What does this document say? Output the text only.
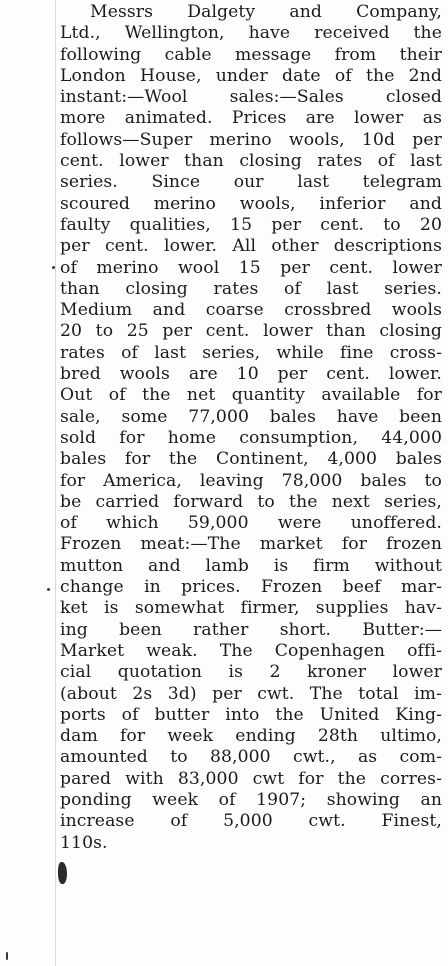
Messrs Dalgety and Company,
Ltd., Wellington, have received the
following cable message from their
London House, under date of the 2nd
instant:—Wool sales:—Sales closed
more animated. Prices are lower as
follows—Super merino wools, 10d per
cent. lower than closing rates of last
series. Since our last telegram
scoured merino wools, inferior and
faulty qualities, 15 per cent. to 20
per cent. lower. All other descriptions
of merino wool 15 per cent. lower
than closing rates of last series.
Medium and coarse crossbred wools
20 to 25 per cent. lower than closing
rates of last series, while fine cross-
bred wools are 10 per cent. lower.
Out of the net quantity available for
sale, some 77,000 bales have been
sold for home consumption, 44,000
bales for the Continent, 4,000 bales
for America, leaving 78,000 bales to
be carried forward to the next series,
of which 59,000 were unoffered.
Frozen meat:—The market for frozen
mutton and lamb is firm without
change in prices. Frozen beef mar-
ket is somewhat firmer, supplies hav-
ing been rather short. Butter:—
Market weak. The Copenhagen offi-
cial quotation is 2 kroner lower
(about 2s 3d) per cwt. The total im-
ports of butter into the United King-
dam for week ending 28th ultimo,
amounted to 88,000 cwt., as com-
pared with 83,000 cwt for the corres-
ponding week of 1907; showing an
increase of 5,000 cwt. Finest,
110s.
